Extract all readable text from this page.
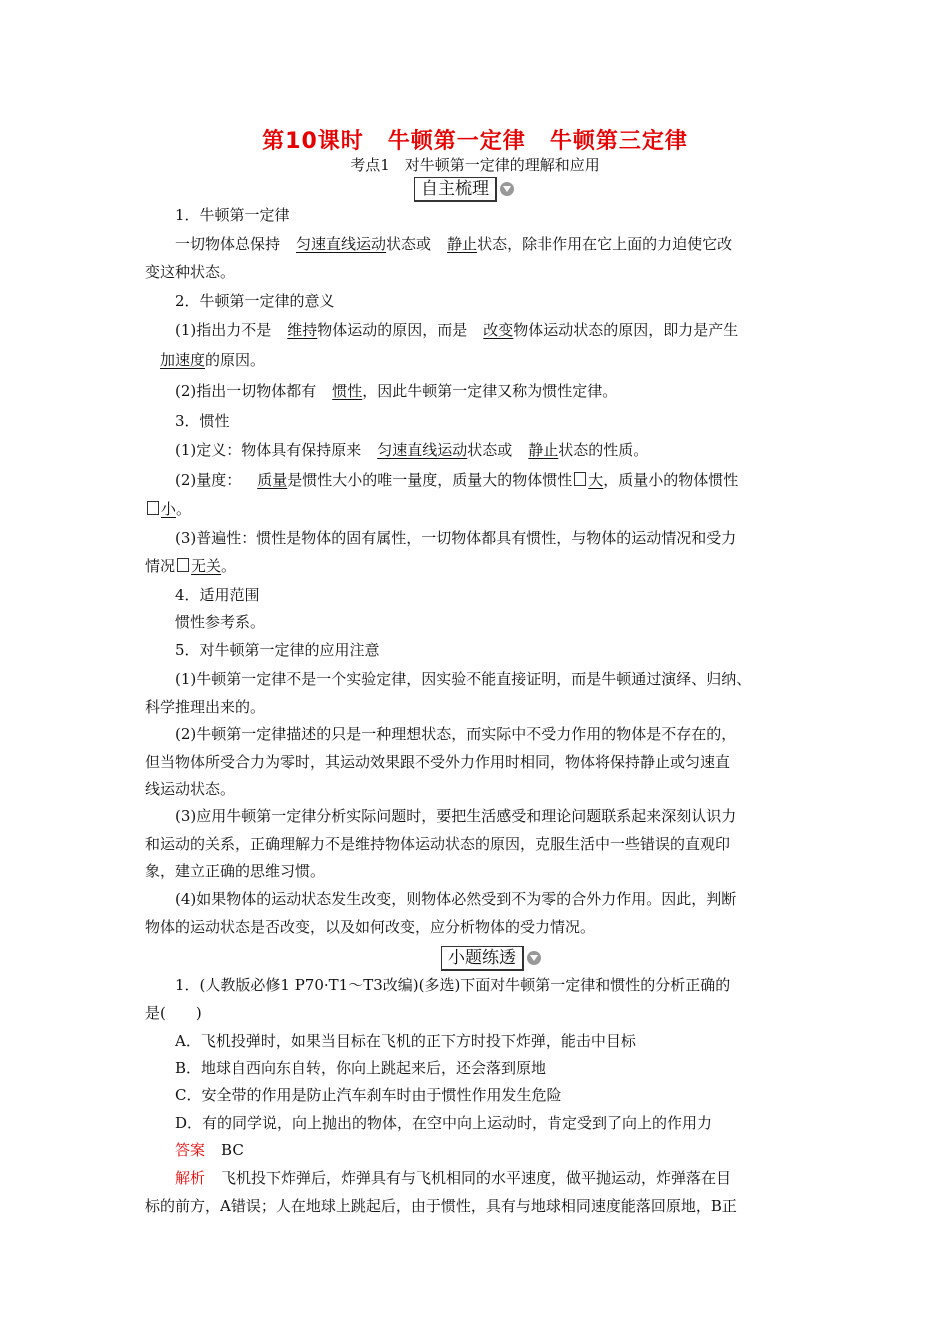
第10课时 牛顿第一定律 牛顿第三定律
考点1　对牛顿第一定律的理解和应用
自主梳理
1．牛顿第一定律
一切物体总保持 匀速直线运动状态或 静止状态，除非作用在它上面的力迫使它改
变这种状态。
2．牛顿第一定律的意义
(1)指出力不是 维持物体运动的原因，而是 改变物体运动状态的原因，即力是产生
加速度的原因。
(2)指出一切物体都有 惯性，因此牛顿第一定律又称为惯性定律。
3．惯性
(1)定义：物体具有保持原来 匀速直线运动状态或 静止状态的性质。
(2)量度： 质量是惯性大小的唯一量度，质量大的物体惯性 大，质量小的物体惯性
小。
(3)普遍性：惯性是物体的固有属性，一切物体都具有惯性，与物体的运动情况和受力
情况 无关。
4．适用范围
惯性参考系。
5．对牛顿第一定律的应用注意
(1)牛顿第一定律不是一个实验定律，因实验不能直接证明，而是牛顿通过演绎、归纳、
科学推理出来的。
(2)牛顿第一定律描述的只是一种理想状态，而实际中不受力作用的物体是不存在的，
但当物体所受合力为零时，其运动效果跟不受外力作用时相同，物体将保持静止或匀速直
线运动状态。
(3)应用牛顿第一定律分析实际问题时，要把生活感受和理论问题联系起来深刻认识力
和运动的关系，正确理解力不是维持物体运动状态的原因，克服生活中一些错误的直观印
象，建立正确的思维习惯。
(4)如果物体的运动状态发生改变，则物体必然受到不为零的合外力作用。因此，判断
物体的运动状态是否改变，以及如何改变，应分析物体的受力情况。
小题练透
1．(人教版必修1 P70·T1～T3改编)(多选)下面对牛顿第一定律和惯性的分析正确的
是(　　)
A．飞机投弹时，如果当目标在飞机的正下方时投下炸弹，能击中目标
B．地球自西向东自转，你向上跳起来后，还会落到原地
C．安全带的作用是防止汽车刹车时由于惯性作用发生危险
D．有的同学说，向上抛出的物体，在空中向上运动时，肯定受到了向上的作用力
答案 BC
解析 飞机投下炸弹后，炸弹具有与飞机相同的水平速度，做平抛运动，炸弹落在目
标的前方，A错误；人在地球上跳起后，由于惯性，具有与地球相同速度能落回原地，B正
